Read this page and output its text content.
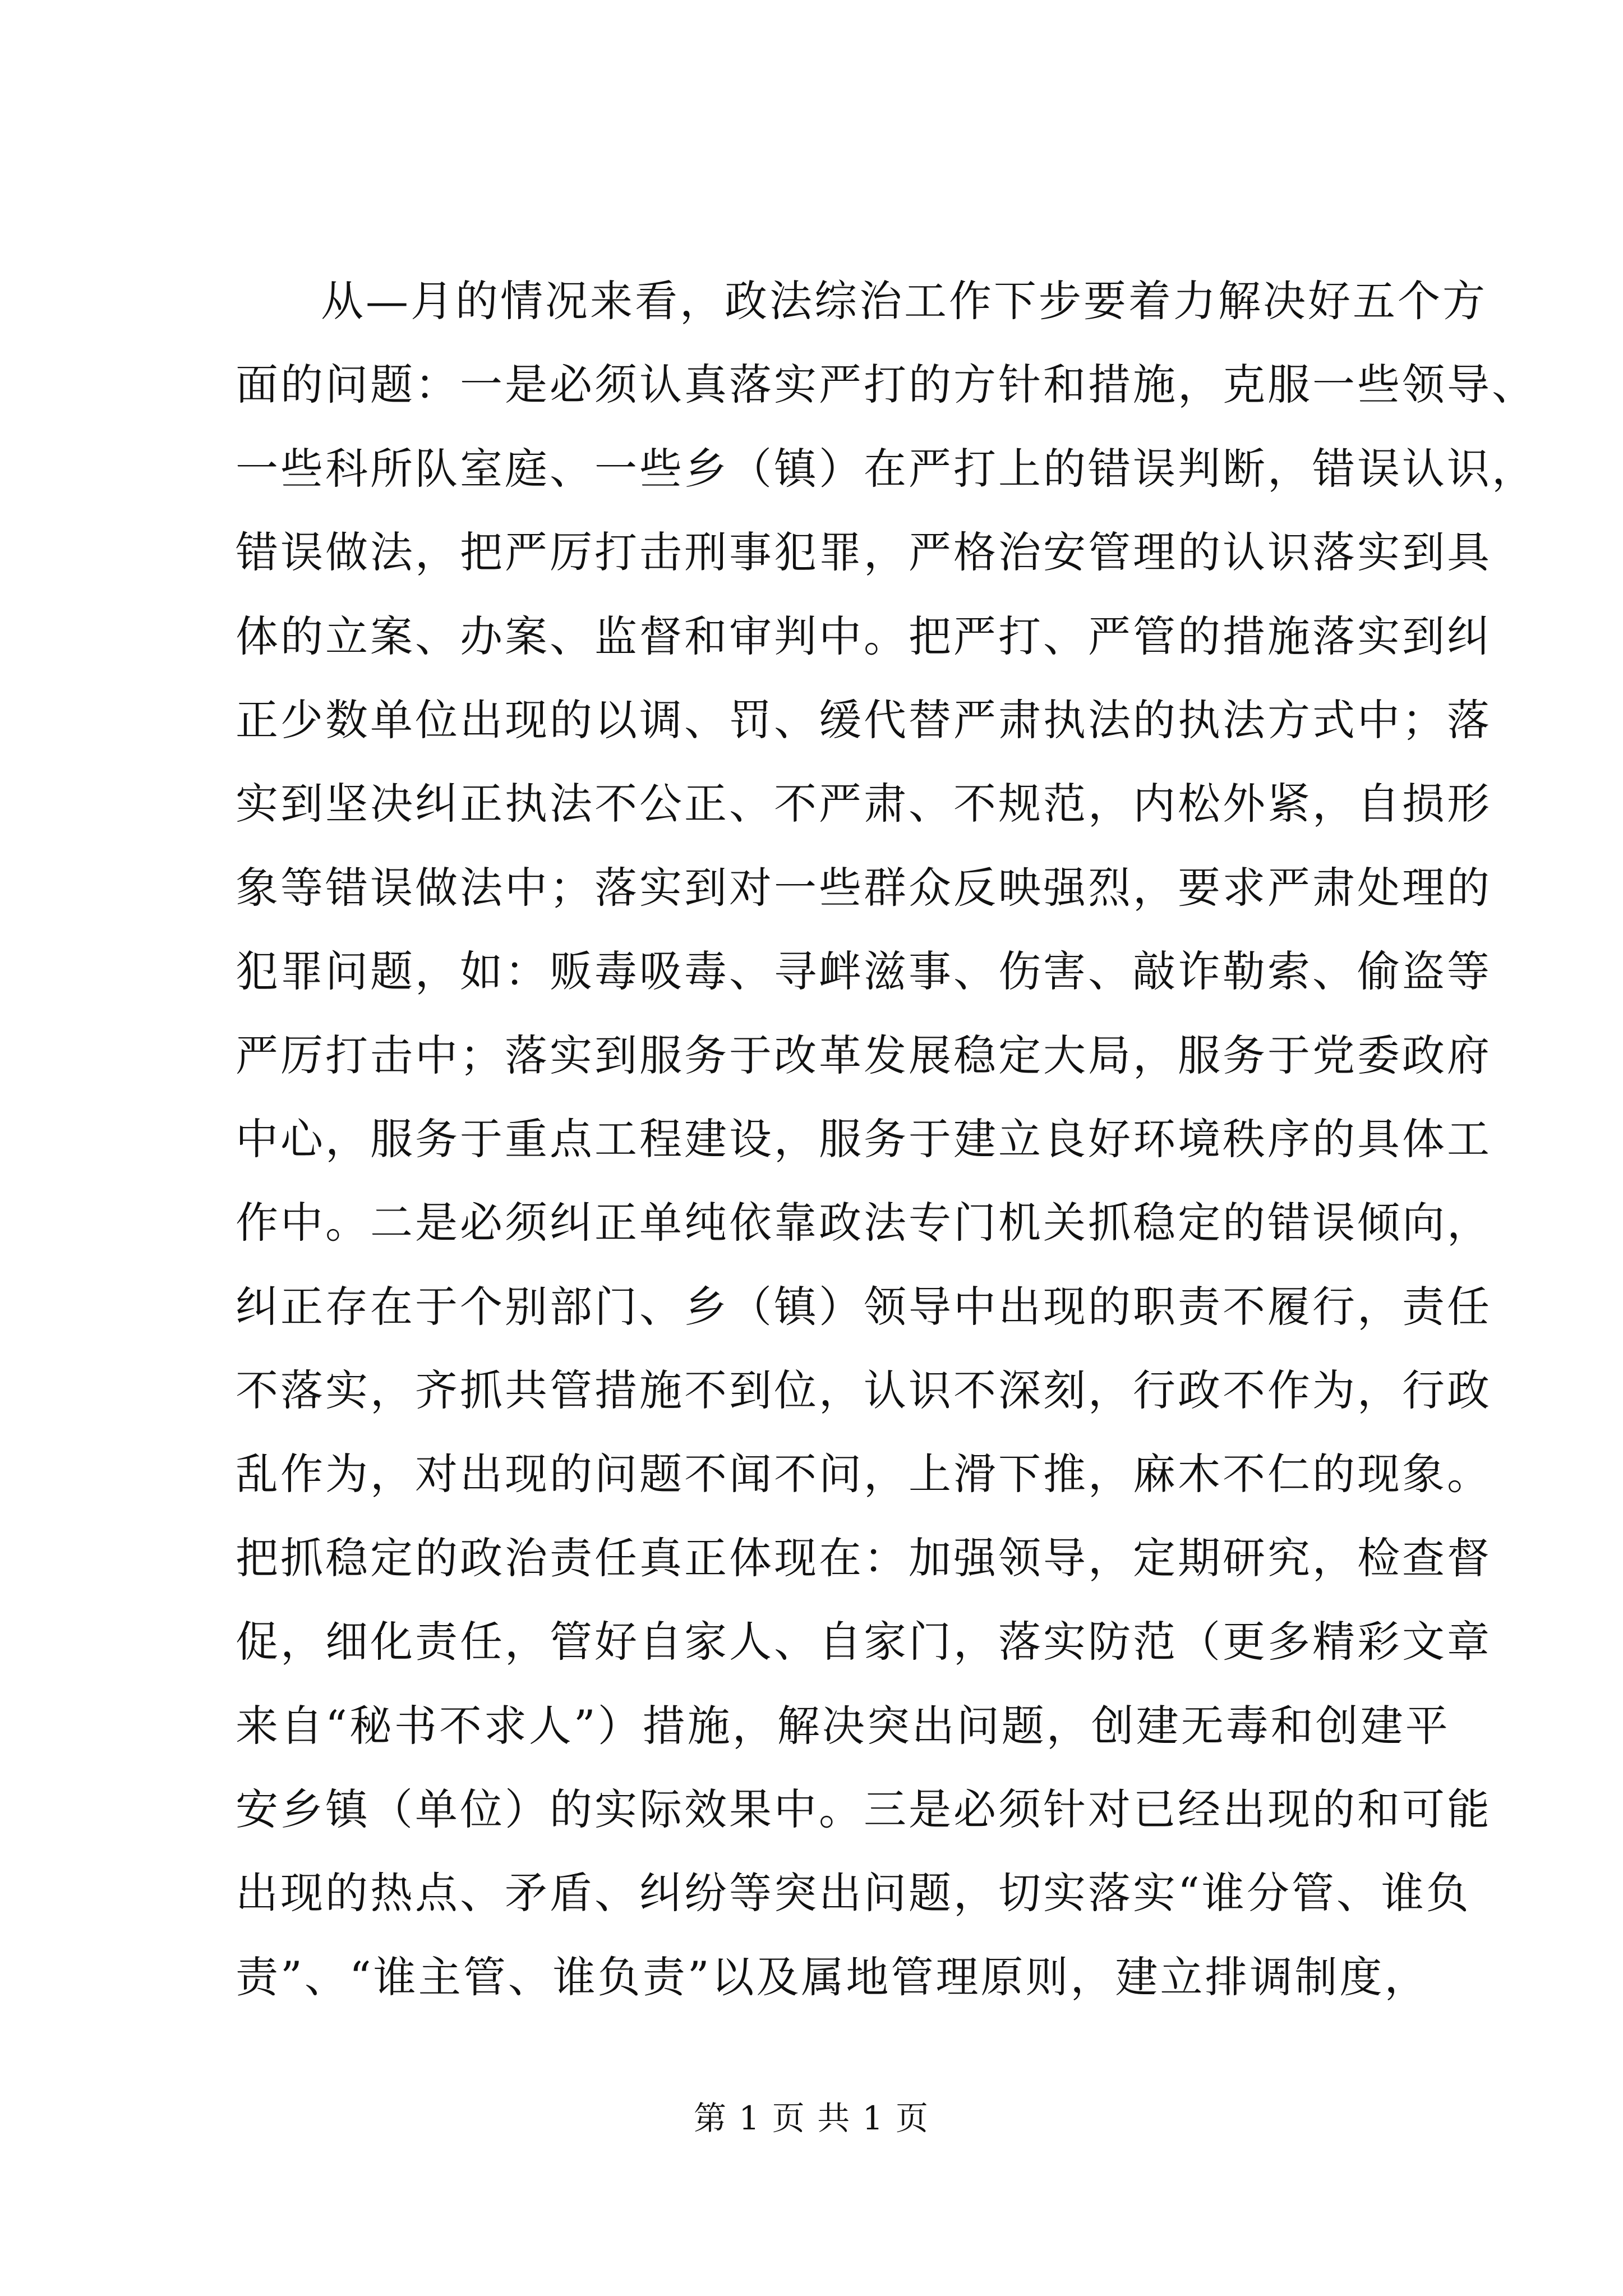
从—月的情况来看，政法综治工作下步要着力解决好五个方
面的问题：一是必须认真落实严打的方针和措施，克服一些领导、
一些科所队室庭、一些乡（镇）在严打上的错误判断，错误认识，
错误做法，把严厉打击刑事犯罪，严格治安管理的认识落实到具
体的立案、办案、监督和审判中。把严打、严管的措施落实到纠
正少数单位出现的以调、罚、缓代替严肃执法的执法方式中；落
实到坚决纠正执法不公正、不严肃、不规范，内松外紧，自损形
象等错误做法中；落实到对一些群众反映强烈，要求严肃处理的
犯罪问题，如：贩毒吸毒、寻衅滋事、伤害、敲诈勒索、偷盗等
严厉打击中；落实到服务于改革发展稳定大局，服务于党委政府
中心，服务于重点工程建设，服务于建立良好环境秩序的具体工
作中。二是必须纠正单纯依靠政法专门机关抓稳定的错误倾向，
纠正存在于个别部门、乡（镇）领导中出现的职责不履行，责任
不落实，齐抓共管措施不到位，认识不深刻，行政不作为，行政
乱作为，对出现的问题不闻不问，上滑下推，麻木不仁的现象。
把抓稳定的政治责任真正体现在：加强领导，定期研究，检查督
促，细化责任，管好自家人、自家门，落实防范（更多精彩文章
来自“秘书不求人”）措施，解决突出问题，创建无毒和创建平
安乡镇（单位）的实际效果中。三是必须针对已经出现的和可能
出现的热点、矛盾、纠纷等突出问题，切实落实“谁分管、谁负
责”、“谁主管、谁负责”以及属地管理原则，建立排调制度，
第 1 页 共 1 页
